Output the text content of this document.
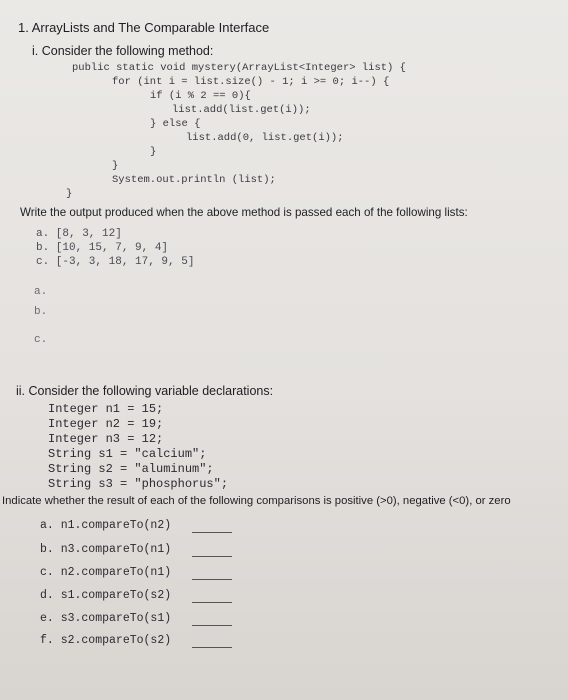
1. ArrayLists and The Comparable Interface
i. Consider the following method:
public static void mystery(ArrayList<Integer> list) {
for (int i = list.size() - 1; i >= 0; i--) {
if (i % 2 == 0){
list.add(list.get(i));
} else {
list.add(0, list.get(i));
}
}
System.out.println (list);
}
Write the output produced when the above method is passed each of the following lists:
a. [8, 3, 12]
b. [10, 15, 7, 9, 4]
c. [-3, 3, 18, 17, 9, 5]
a.
b.
c.
ii. Consider the following variable declarations:
Integer n1 = 15;
Integer n2 = 19;
Integer n3 = 12;
String s1 = "calcium";
String s2 = "aluminum";
String s3 = "phosphorus";
Indicate whether the result of each of the following comparisons is positive (>0), negative (<0), or zero
a. n1.compareTo(n2)
b. n3.compareTo(n1)
c. n2.compareTo(n1)
d. s1.compareTo(s2)
e. s3.compareTo(s1)
f. s2.compareTo(s2)
